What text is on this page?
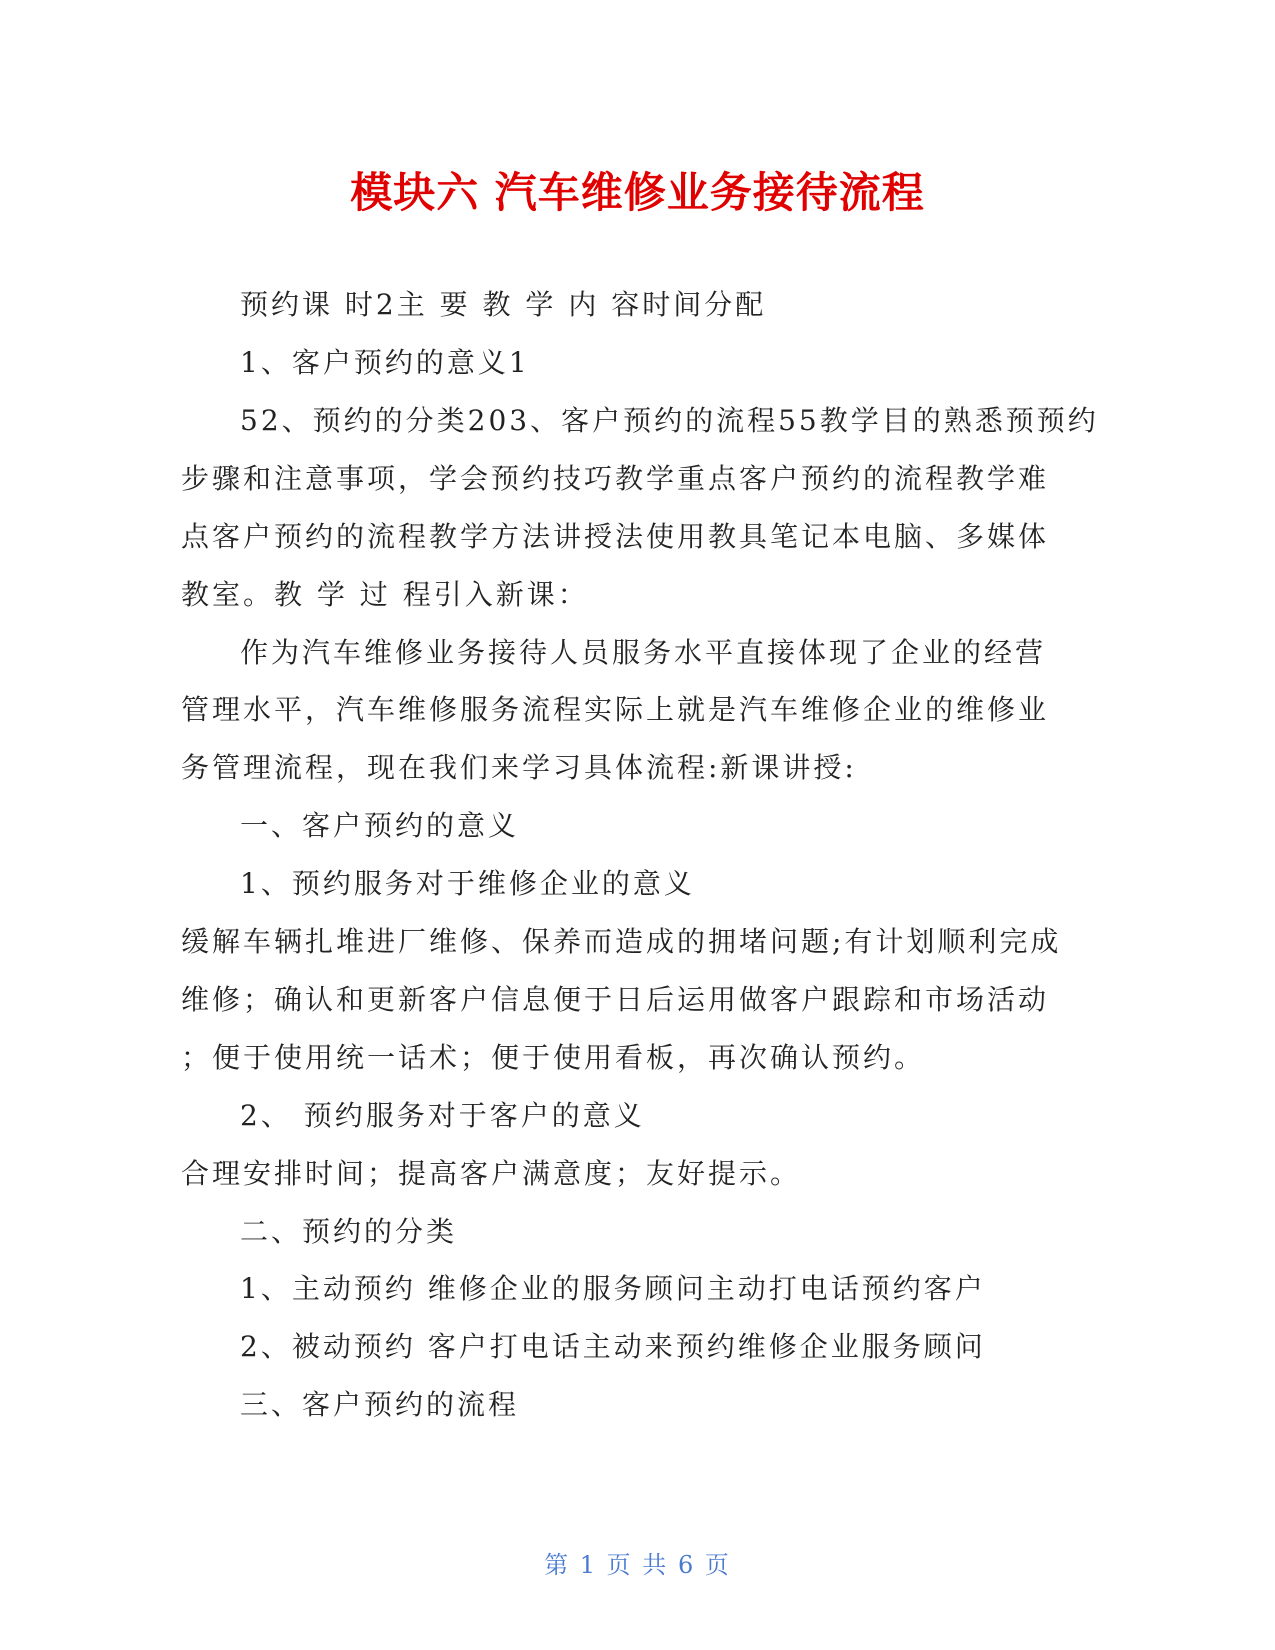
模块六 汽车维修业务接待流程
预约课 时2主 要 教 学 内 容时间分配
1、客户预约的意义1
52、预约的分类203、客户预约的流程55教学目的熟悉预预约
步骤和注意事项，学会预约技巧教学重点客户预约的流程教学难
点客户预约的流程教学方法讲授法使用教具笔记本电脑、多媒体
教室。教 学 过 程引入新课：
作为汽车维修业务接待人员服务水平直接体现了企业的经营
管理水平，汽车维修服务流程实际上就是汽车维修企业的维修业
务管理流程，现在我们来学习具体流程:新课讲授:
一、客户预约的意义
1、预约服务对于维修企业的意义
缓解车辆扎堆进厂维修、保养而造成的拥堵问题;有计划顺利完成
维修；确认和更新客户信息便于日后运用做客户跟踪和市场活动
；便于使用统一话术；便于使用看板，再次确认预约。
2、 预约服务对于客户的意义
合理安排时间；提高客户满意度；友好提示。
二、预约的分类
1、主动预约 维修企业的服务顾问主动打电话预约客户
2、被动预约 客户打电话主动来预约维修企业服务顾问
三、客户预约的流程
第 1 页 共 6 页
